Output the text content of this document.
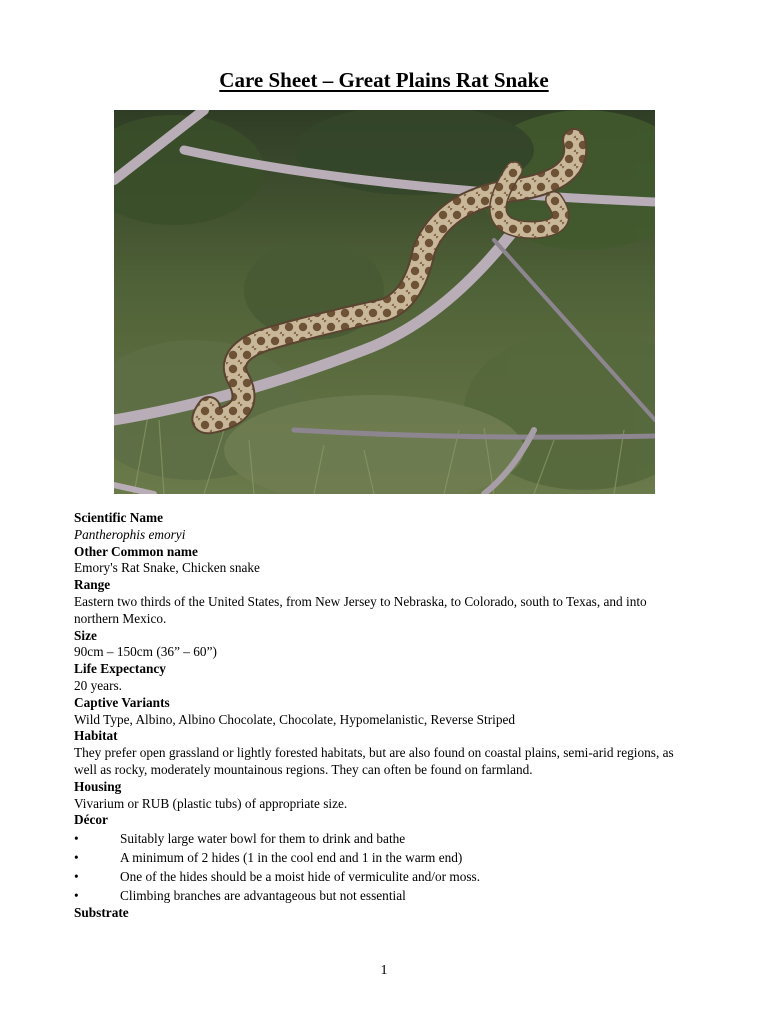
Care Sheet – Great Plains Rat Snake
Scientific Name
Pantherophis emoryi
Other Common name
Emory's Rat Snake, Chicken snake
Range
Eastern two thirds of the United States, from New Jersey to Nebraska, to Colorado, south to Texas, and into northern Mexico.
Size
90cm – 150cm (36” – 60”)
Life Expectancy
20 years.
Captive Variants
Wild Type, Albino, Albino Chocolate, Chocolate, Hypomelanistic, Reverse Striped
Habitat
They prefer open grassland or lightly forested habitats, but are also found on coastal plains, semi-arid regions, as well as rocky, moderately mountainous regions. They can often be found on farmland.
Housing
Vivarium or RUB (plastic tubs) of appropriate size.
Décor
•	Suitably large water bowl for them to drink and bathe
•	A minimum of 2 hides (1 in the cool end and 1 in the warm end)
•	One of the hides should be a moist hide of vermiculite and/or moss.
•	Climbing branches are advantageous but not essential
Substrate
1
